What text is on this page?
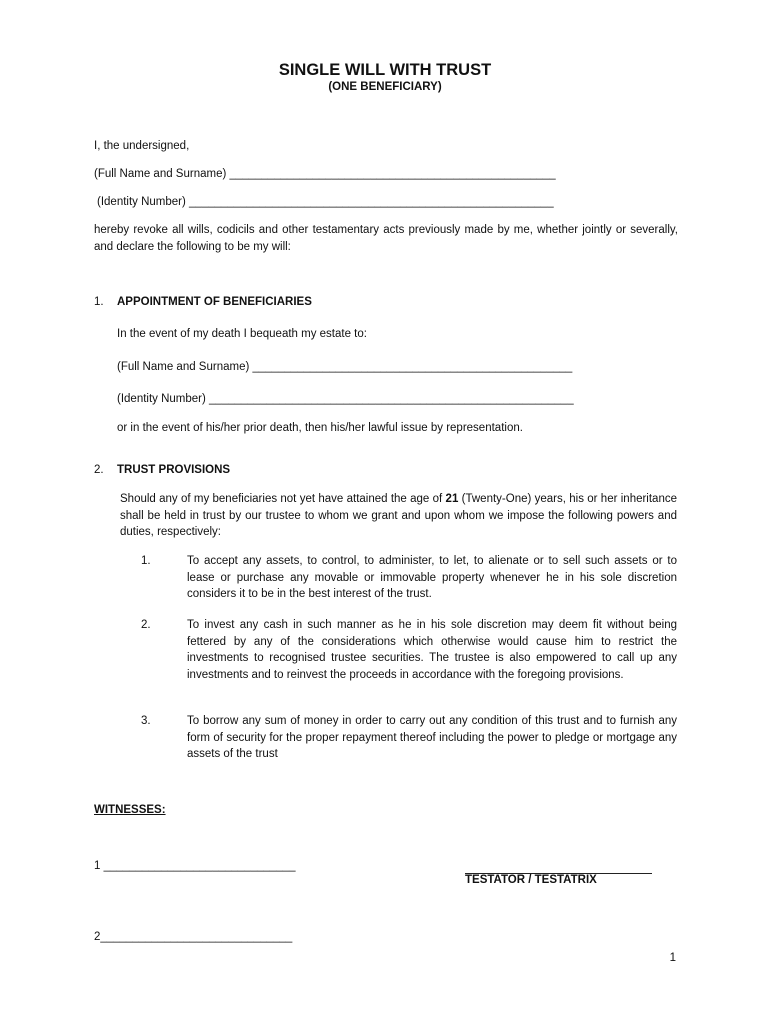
SINGLE WILL WITH TRUST
(ONE BENEFICIARY)
I, the undersigned,
(Full Name and Surname) ___________________________________________________
(Identity Number) _________________________________________________________
hereby revoke all wills, codicils and other testamentary acts previously made by me, whether jointly or severally, and declare the following to be my will:
1. APPOINTMENT OF BENEFICIARIES
In the event of my death I bequeath my estate to:
(Full Name and Surname) __________________________________________________
(Identity Number) _________________________________________________________
or in the event of his/her prior death, then his/her lawful issue by representation.
2. TRUST PROVISIONS
Should any of my beneficiaries not yet have attained the age of 21 (Twenty-One) years, his or her inheritance shall be held in trust by our trustee to whom we grant and upon whom we impose the following powers and duties, respectively:
1.	To accept any assets, to control, to administer, to let, to alienate or to sell such assets or to lease or purchase any movable or immovable property whenever he in his sole discretion considers it to be in the best interest of the trust.
2.	To invest any cash in such manner as he in his sole discretion may deem fit without being fettered by any of the considerations which otherwise would cause him to restrict the investments to recognised trustee securities. The trustee is also empowered to call up any investments and to reinvest the proceeds in accordance with the foregoing provisions.
3.	To borrow any sum of money in order to carry out any condition of this trust and to furnish any form of security for the proper repayment thereof including the power to pledge or mortgage any assets of the trust
WITNESSES:
1 ______________________________
TESTATOR / TESTATRIX
2______________________________
1
